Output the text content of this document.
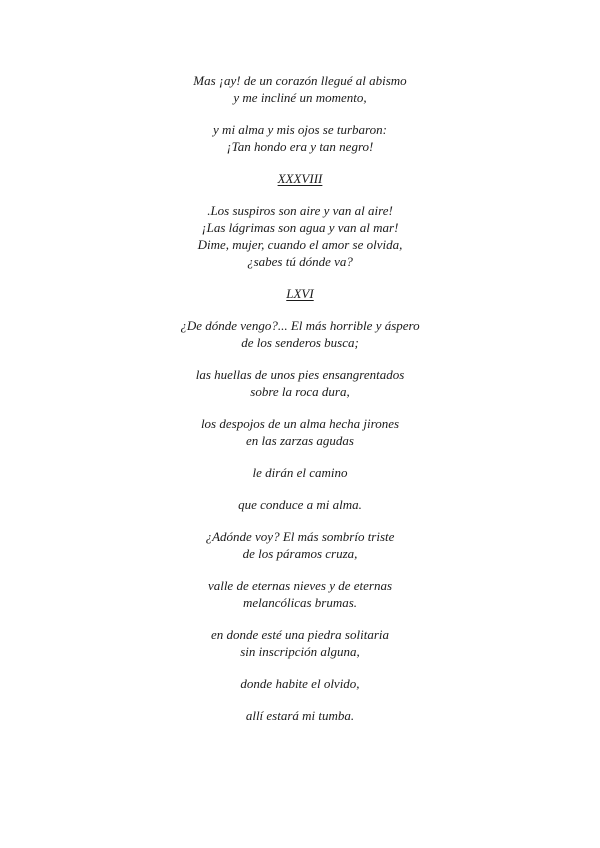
Mas ¡ay! de un corazón llegué al abismo
y me incliné un momento,
y mi alma y mis ojos se turbaron:
¡Tan hondo era y tan negro!
XXXVIII
.Los suspiros son aire y van al aire!
¡Las lágrimas son agua y van al mar!
Dime, mujer, cuando el amor se olvida,
¿sabes tú dónde va?
LXVI
¿De dónde vengo?... El más horrible y áspero
de los senderos busca;
las huellas de unos pies ensangrentados
sobre la roca dura,
los despojos de un alma hecha jirones
en las zarzas agudas
le dirán el camino
que conduce a mi alma.
¿Adónde voy? El más sombrío triste
de los páramos cruza,
valle de eternas nieves y de eternas
melancólicas brumas.
en donde esté una piedra solitaria
sin inscripción alguna,
donde habite el olvido,
allí estará mi tumba.
